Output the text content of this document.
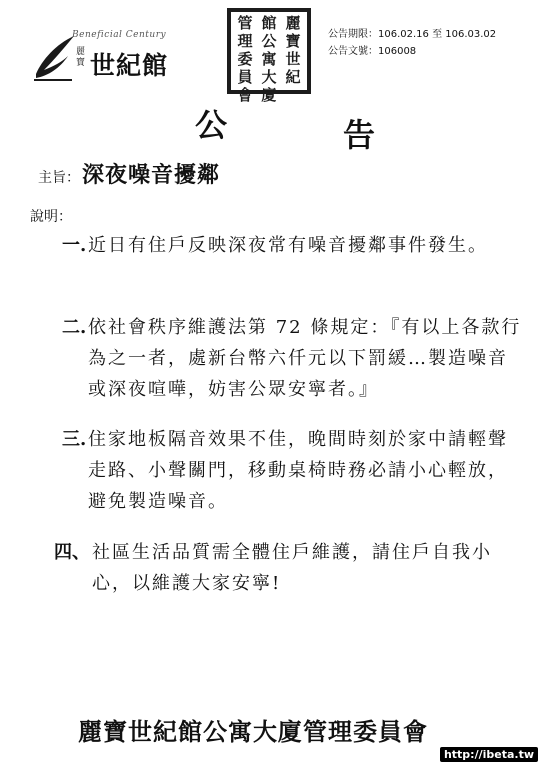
Beneficial Century
麗寶 世紀館
麗寶世紀
館公寓大廈
管理委員會
公告期限：106.02.16 至 106.03.02
公告文號：106008
公	告
主旨： 深夜噪音擾鄰
說明：
一. 近日有住戶反映深夜常有噪音擾鄰事件發生。
二. 依社會秩序維護法第 72 條規定：『有以上各款行為之一者，處新台幣六仟元以下罰緩…製造噪音或深夜喧嘩，妨害公眾安寧者。』
三. 住家地板隔音效果不佳，晚間時刻於家中請輕聲走路、小聲關門，移動桌椅時務必請小心輕放，避免製造噪音。
四、 社區生活品質需全體住戶維護，請住戶自我小心，以維護大家安寧!
麗寶世紀館公寓大廈管理委員會
http://ibeta.tw
